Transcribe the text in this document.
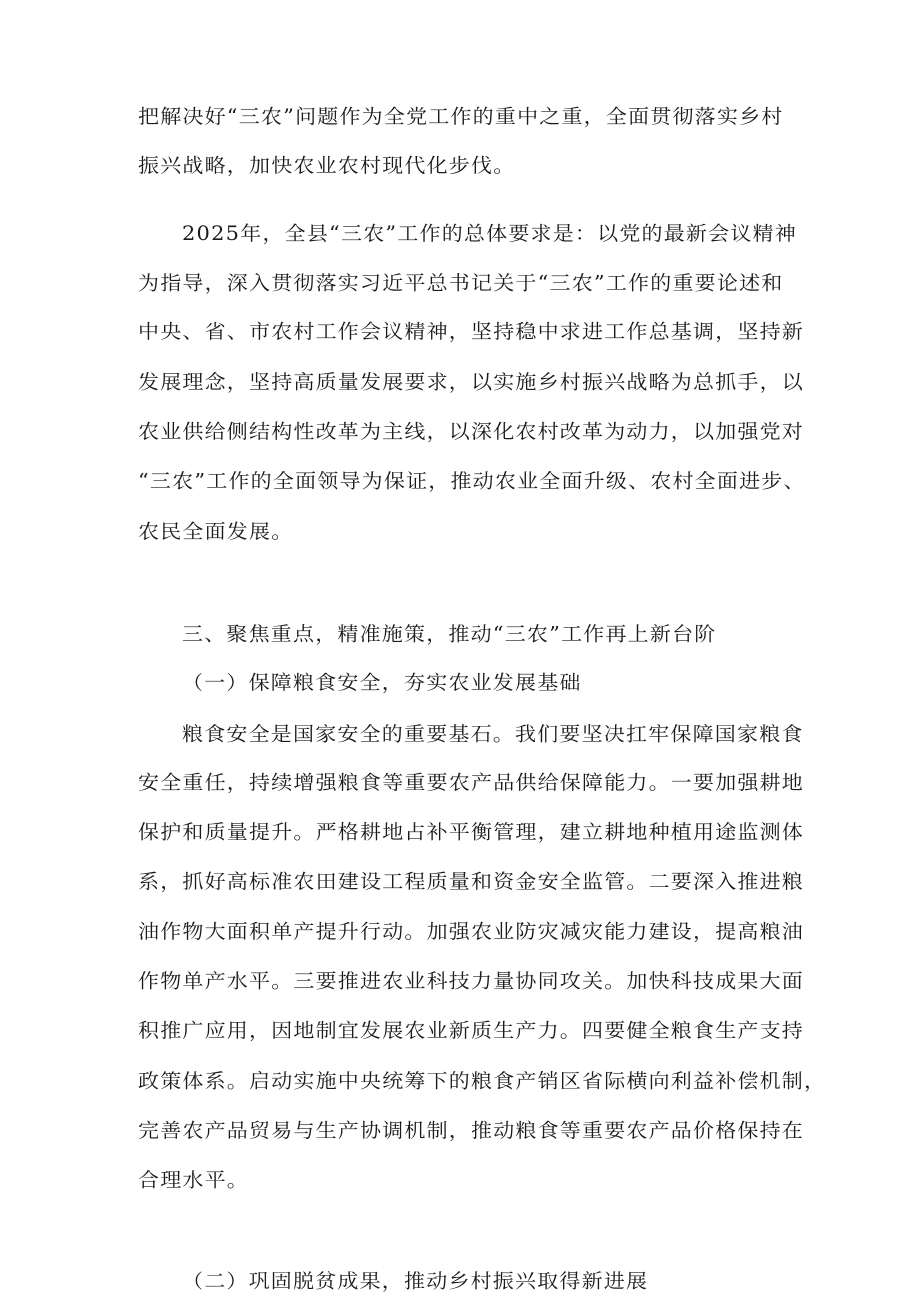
把解决好“三农”问题作为全党工作的重中之重，全面贯彻落实乡村

振兴战略，加快农业农村现代化步伐。

2025年，全县“三农”工作的总体要求是：以党的最新会议精神

为指导，深入贯彻落实习近平总书记关于“三农”工作的重要论述和

中央、省、市农村工作会议精神，坚持稳中求进工作总基调，坚持新

发展理念，坚持高质量发展要求，以实施乡村振兴战略为总抓手，以

农业供给侧结构性改革为主线，以深化农村改革为动力，以加强党对

“三农”工作的全面领导为保证，推动农业全面升级、农村全面进步、

农民全面发展。

三、聚焦重点，精准施策，推动“三农”工作再上新台阶

（一）保障粮食安全，夯实农业发展基础

粮食安全是国家安全的重要基石。我们要坚决扛牢保障国家粮食

安全重任，持续增强粮食等重要农产品供给保障能力。一要加强耕地

保护和质量提升。严格耕地占补平衡管理，建立耕地种植用途监测体

系，抓好高标准农田建设工程质量和资金安全监管。二要深入推进粮

油作物大面积单产提升行动。加强农业防灾减灾能力建设，提高粮油

作物单产水平。三要推进农业科技力量协同攻关。加快科技成果大面

积推广应用，因地制宜发展农业新质生产力。四要健全粮食生产支持

政策体系。启动实施中央统筹下的粮食产销区省际横向利益补偿机制，

完善农产品贸易与生产协调机制，推动粮食等重要农产品价格保持在

合理水平。

（二）巩固脱贫成果，推动乡村振兴取得新进展
